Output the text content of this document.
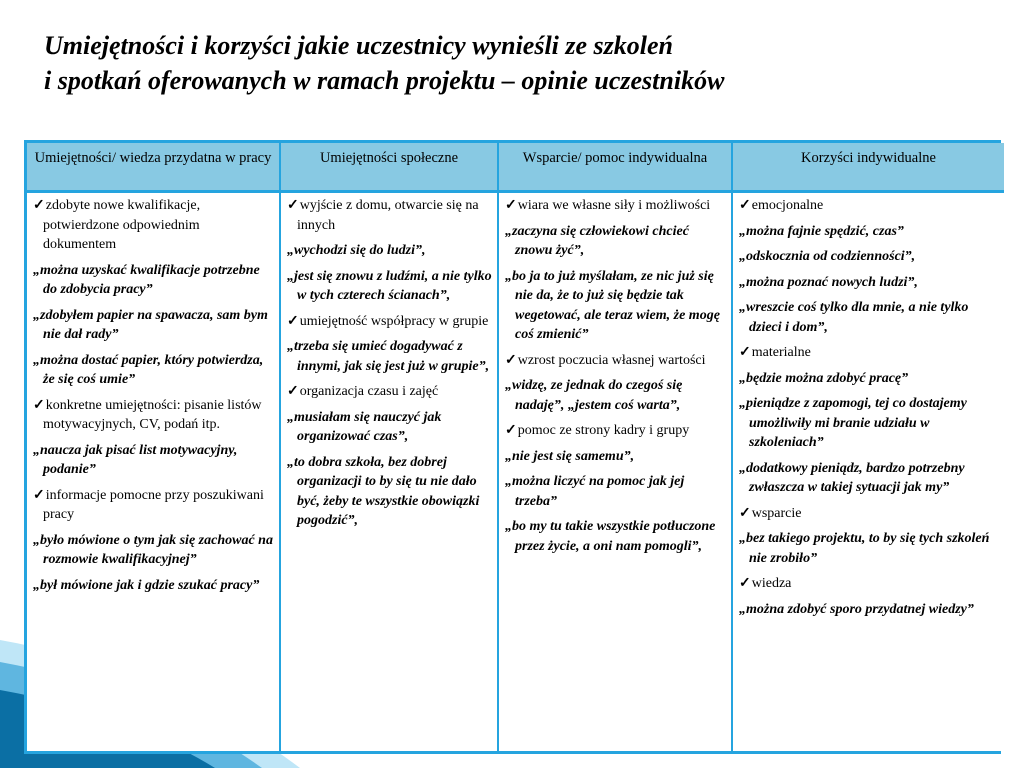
Umiejętności i korzyści jakie uczestnicy wynieśli ze szkoleń
i spotkań oferowanych w ramach projektu – opinie uczestników
Umiejętności/ wiedza przydatna w pracy
✓zdobyte nowe kwalifikacje, potwierdzone odpowiednim dokumentem
„można uzyskać kwalifikacje potrzebne do zdobycia pracy”
„zdobyłem papier na spawacza, sam bym nie dał rady”
„można dostać papier, który potwierdza, że się coś umie”
✓konkretne umiejętności: pisanie listów motywacyjnych, CV, podań itp.
„naucza jak pisać list motywacyjny, podanie”
✓informacje pomocne przy poszukiwani pracy
„było mówione o tym jak się zachować na rozmowie kwalifikacyjnej”
„był mówione jak i gdzie szukać pracy”
Umiejętności społeczne
✓wyjście z domu, otwarcie się na innych
„wychodzi się do ludzi”,
„jest się znowu z ludźmi, a nie tylko w tych czterech ścianach”,
✓umiejętność współpracy w grupie
„trzeba się umieć dogadywać z innymi, jak się jest już w grupie”,
✓organizacja czasu i zajęć
„musiałam się nauczyć jak organizować czas”,
„to dobra szkoła, bez dobrej organizacji to by się tu nie dało być, żeby te wszystkie obowiązki pogodzić”,
Wsparcie/ pomoc indywidualna
✓wiara we własne siły i możliwości
„zaczyna się człowiekowi chcieć znowu żyć”,
„bo ja to już myślałam, ze nic już się nie da, że to już się będzie tak wegetować, ale teraz wiem, że mogę coś zmienić”
✓wzrost poczucia własnej wartości
„widzę, ze jednak do czegoś się nadaję”, „jestem coś warta”,
✓pomoc ze strony kadry i grupy
„nie jest się samemu”,
„można liczyć na pomoc jak jej trzeba”
„bo my tu takie wszystkie potłuczone przez życie, a oni nam pomogli”,
Korzyści indywidualne
✓emocjonalne
„można fajnie spędzić, czas”
„odskocznia od codzienności”,
„można poznać nowych ludzi”,
„wreszcie coś tylko dla mnie, a nie tylko dzieci i dom”,
✓materialne
„będzie można zdobyć pracę”
„pieniądze z zapomogi, tej co dostajemy umożliwiły mi branie udziału w szkoleniach”
„dodatkowy pieniądz, bardzo potrzebny zwłaszcza w takiej sytuacji jak my”
✓wsparcie
„bez takiego projektu, to by się tych szkoleń nie zrobiło”
✓wiedza
„można zdobyć sporo przydatnej wiedzy”
